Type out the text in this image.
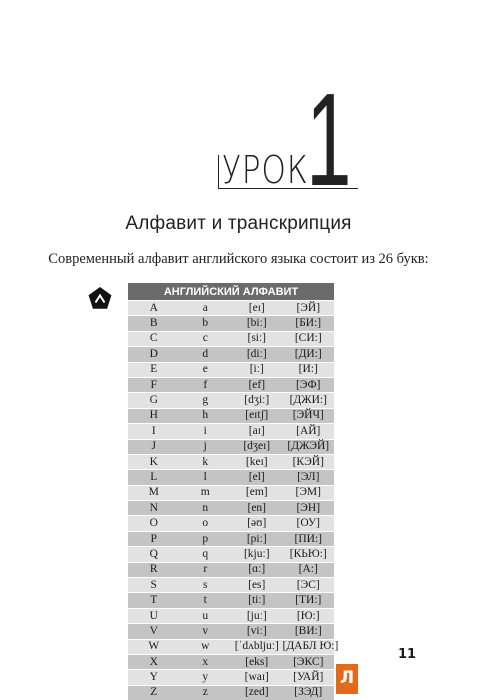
УРОК
1
Алфавит и транскрипция
Современный алфавит английского языка состоит из 26 букв:
АНГЛИЙСКИЙ АЛФАВИТ			
A	a	[eɪ]	[ЭЙ]
B	b	[biː]	[БИ:]
C	c	[siː]	[СИ:]
D	d	[diː]	[ДИ:]
E	e	[iː]	[И:]
F	f	[ef]	[ЭФ]
G	g	[dʒiː]	[ДЖИ:]
H	h	[eɪtʃ]	[ЭЙЧ]
I	i	[aɪ]	[АЙ]
J	j	[dʒeɪ]	[ДЖЭЙ]
K	k	[keɪ]	[КЭЙ]
L	l	[el]	[ЭЛ]
M	m	[em]	[ЭМ]
N	n	[en]	[ЭН]
O	o	[əʊ]	[ОУ]
P	p	[piː]	[ПИ:]
Q	q	[kjuː]	[КЬЮ:]
R	r	[ɑː]	[А:]
S	s	[es]	[ЭС]
T	t	[tiː]	[ТИ:]
U	u	[juː]	[Ю:]
V	v	[viː]	[ВИ:]
W	w	[ˈdʌbljuː]	[ДАБЛ Ю:]
X	x	[eks]	[ЭКС]
Y	y	[waɪ]	[УАЙ]
Z	z	[zed]	[ЗЭД]
11
Л
